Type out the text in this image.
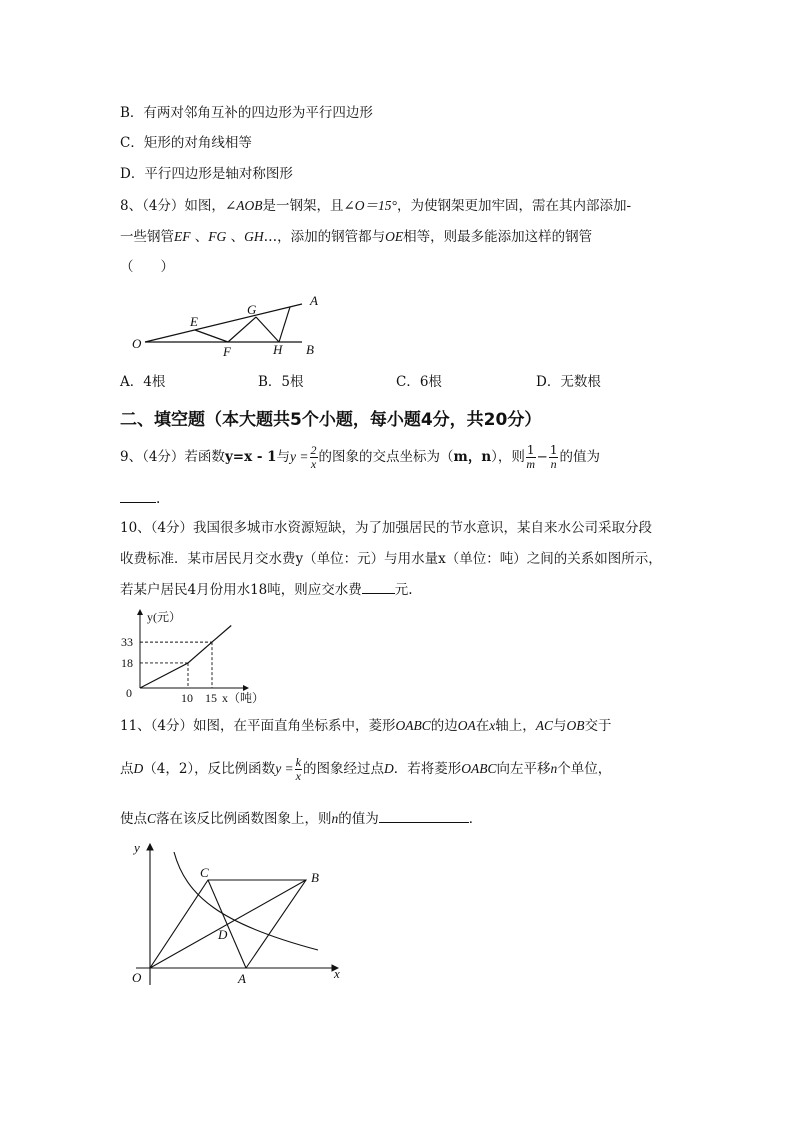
B．有两对邻角互补的四边形为平行四边形
C．矩形的对角线相等
D．平行四边形是轴对称图形
8、（4分）如图，∠AOB是一钢架，且∠O＝15°，为使钢架更加牢固，需在其内部添加-
一些钢管EF 、FG 、GH…，添加的钢管都与OE相等，则最多能添加这样的钢管
（　　）
O
E
G
A
F	H B
A．4根	B．5根	C．6根	D．无数根
二、填空题（本大题共5个小题，每小题4分，共20分）
9、（4分）若函数y=x - 1与$y = \frac{2}{x}$ 的图象的交点坐标为（m，n），则 $\frac{1}{m} - \frac{1}{n}$ 的值为
.
10、（4分）我国很多城市水资源短缺，为了加强居民的节水意识，某自来水公司采取分段
收费标准．某市居民月交水费y（单位：元）与用水量x（单位：吨）之间的关系如图所示，
若某户居民4月份用水18吨，则应交水费 元.
y(元）
x（吨）
0
33
18
10 15
11、（4分）如图，在平面直角坐标系中，菱形OABC的边OA在x轴上，AC与OB交于
点D（4，2），反比例函数$y = \frac{k}{x}$ 的图象经过点D．若将菱形OABC向左平移n个单位，
使点C落在该反比例函数图象上，则n的值为	．
y
C	B
D
O	A	x
